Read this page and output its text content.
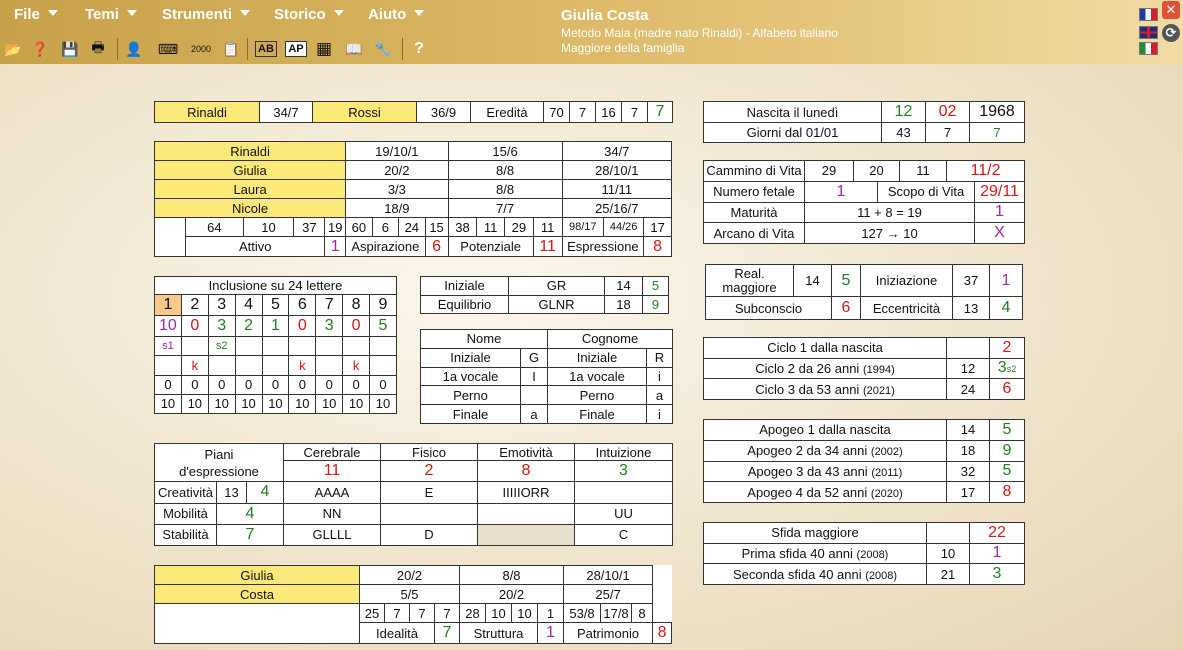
File	Temi	Strumenti	Storico	Aiuto
📂 ❓ 💾 🖶 👤 ⌨ 2000 📋 AB	AP ▦ 📖 🔧	?
Giulia Costa
Metodo Maia (madre nato Rinaldi) - Alfabeto italiano
Maggiore della famiglia
✕
⟳
Rinaldi	34/7	Rossi	36/9	Eredità	70	7	16	7	7
Rinaldi					19/10/1				15/6				34/7		
Giulia					20/2				8/8				28/10/1		
Laura					3/3				8/8				11/11		
Nicole					18/9				7/7				25/16/7		
	64	10	37	19	60	6	24	15	38	11	29	11	98/17	44/26	17
	Attivo			1	Aspirazione			6	Potenziale			11	Espressione		8
Inclusione su 24 lettere								
1	2	3	4	5	6	7	8	9
10	0	3	2	1	0	3	0	5
s1		s2						
	k				k		k	
0	0	0	0	0	0	0	0	0
10	10	10	10	10	10	10	10	10
Iniziale	GR	14	5
Equilibrio	GLNR	18	9
Nome		Cognome	
Iniziale	G	Iniziale	R
1a vocale	I	1a vocale	i
Perno		Perno	a
Finale	a	Finale	i
Piani
d'espressione			Cerebrale	Fisico	Emotività	Intuizione
			11	2	8	3
Creatività	13	4	AAAA	E	IIIIIORR	
Mobilità	4		NN			UU
Stabilità	7		GLLLL	D		C
Giulia	20/2				8/8				28/10/1			
Costa	5/5				20/2				25/7			
	25	7	7	7	28	10	10	1	53/8	17/8	8	
	Idealità			7	Struttura			1	Patrimonio			8
Nascita il lunedì	12	02	1968
Giorni dal 01/01	43	7	7
Cammino di Vita	29	20		11	11/2	
Numero fetale	1		Scopo di Vita			29/11
Maturità	11 + 8 = 19					1
Arcano di Vita	127 → 10					X
Real.
maggiore	14	5	Iniziazione	37	1
Subconscio		6	Eccentricità	13	4
Ciclo 1 dalla nascita		2
Ciclo 2 da 26 anni (1994)	12	3s2
Ciclo 3 da 53 anni (2021)	24	6
Apogeo 1 dalla nascita	14	5
Apogeo 2 da 34 anni (2002)	18	9
Apogeo 3 da 43 anni (2011)	32	5
Apogeo 4 da 52 anni (2020)	17	8
Sfida maggiore		22
Prima sfida 40 anni (2008)	10	1
Seconda sfida 40 anni (2008)	21	3
